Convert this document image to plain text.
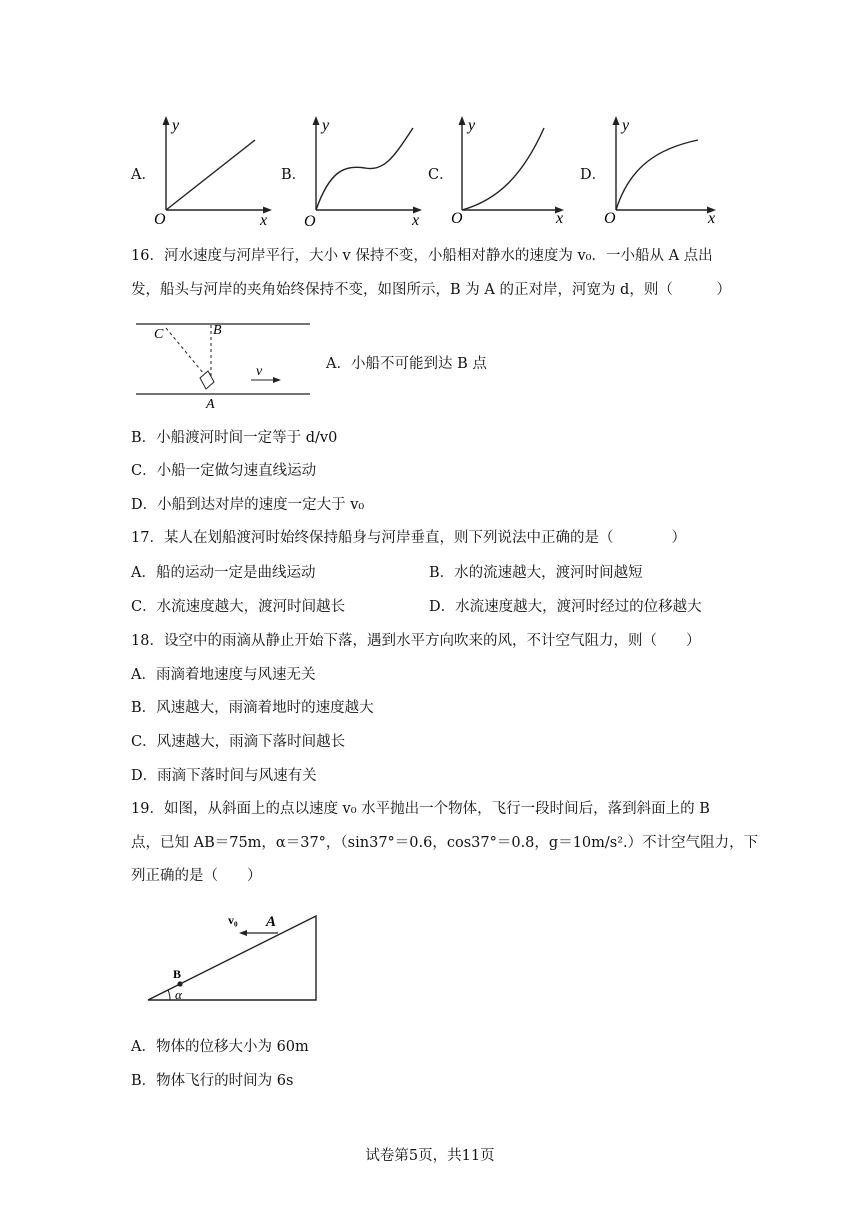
A．	B．	C．	D．
y
x
O
y
x
O
y
x
O
y
x
O
16．河水速度与河岸平行，大小 v 保持不变，小船相对静水的速度为 v₀．一小船从 A 点出
发，船头与河岸的夹角始终保持不变，如图所示，B 为 A 的正对岸，河宽为 d，则（　　　）
C	B
A
v	A．小船不可能到达 B 点
B．小船渡河时间一定等于 d/v0
C．小船一定做匀速直线运动
D．小船到达对岸的速度一定大于 v₀
17．某人在划船渡河时始终保持船身与河岸垂直，则下列说法中正确的是（　　　　）
A．船的运动一定是曲线运动	B．水的流速越大，渡河时间越短
C．水流速度越大，渡河时间越长	D．水流速度越大，渡河时经过的位移越大
18．设空中的雨滴从静止开始下落，遇到水平方向吹来的风，不计空气阻力，则（　　）
A．雨滴着地速度与风速无关
B．风速越大，雨滴着地时的速度越大
C．风速越大，雨滴下落时间越长
D．雨滴下落时间与风速有关
19．如图，从斜面上的点以速度 v₀ 水平抛出一个物体，飞行一段时间后，落到斜面上的 B
点，已知 AB＝75m，α＝37°，（sin37°＝0.6，cos37°＝0.8，g＝10m/s².）不计空气阻力，下
列正确的是（　　）
v₀ A
B
α
A．物体的位移大小为 60m
B．物体飞行的时间为 6s
试卷第5页，共11页
